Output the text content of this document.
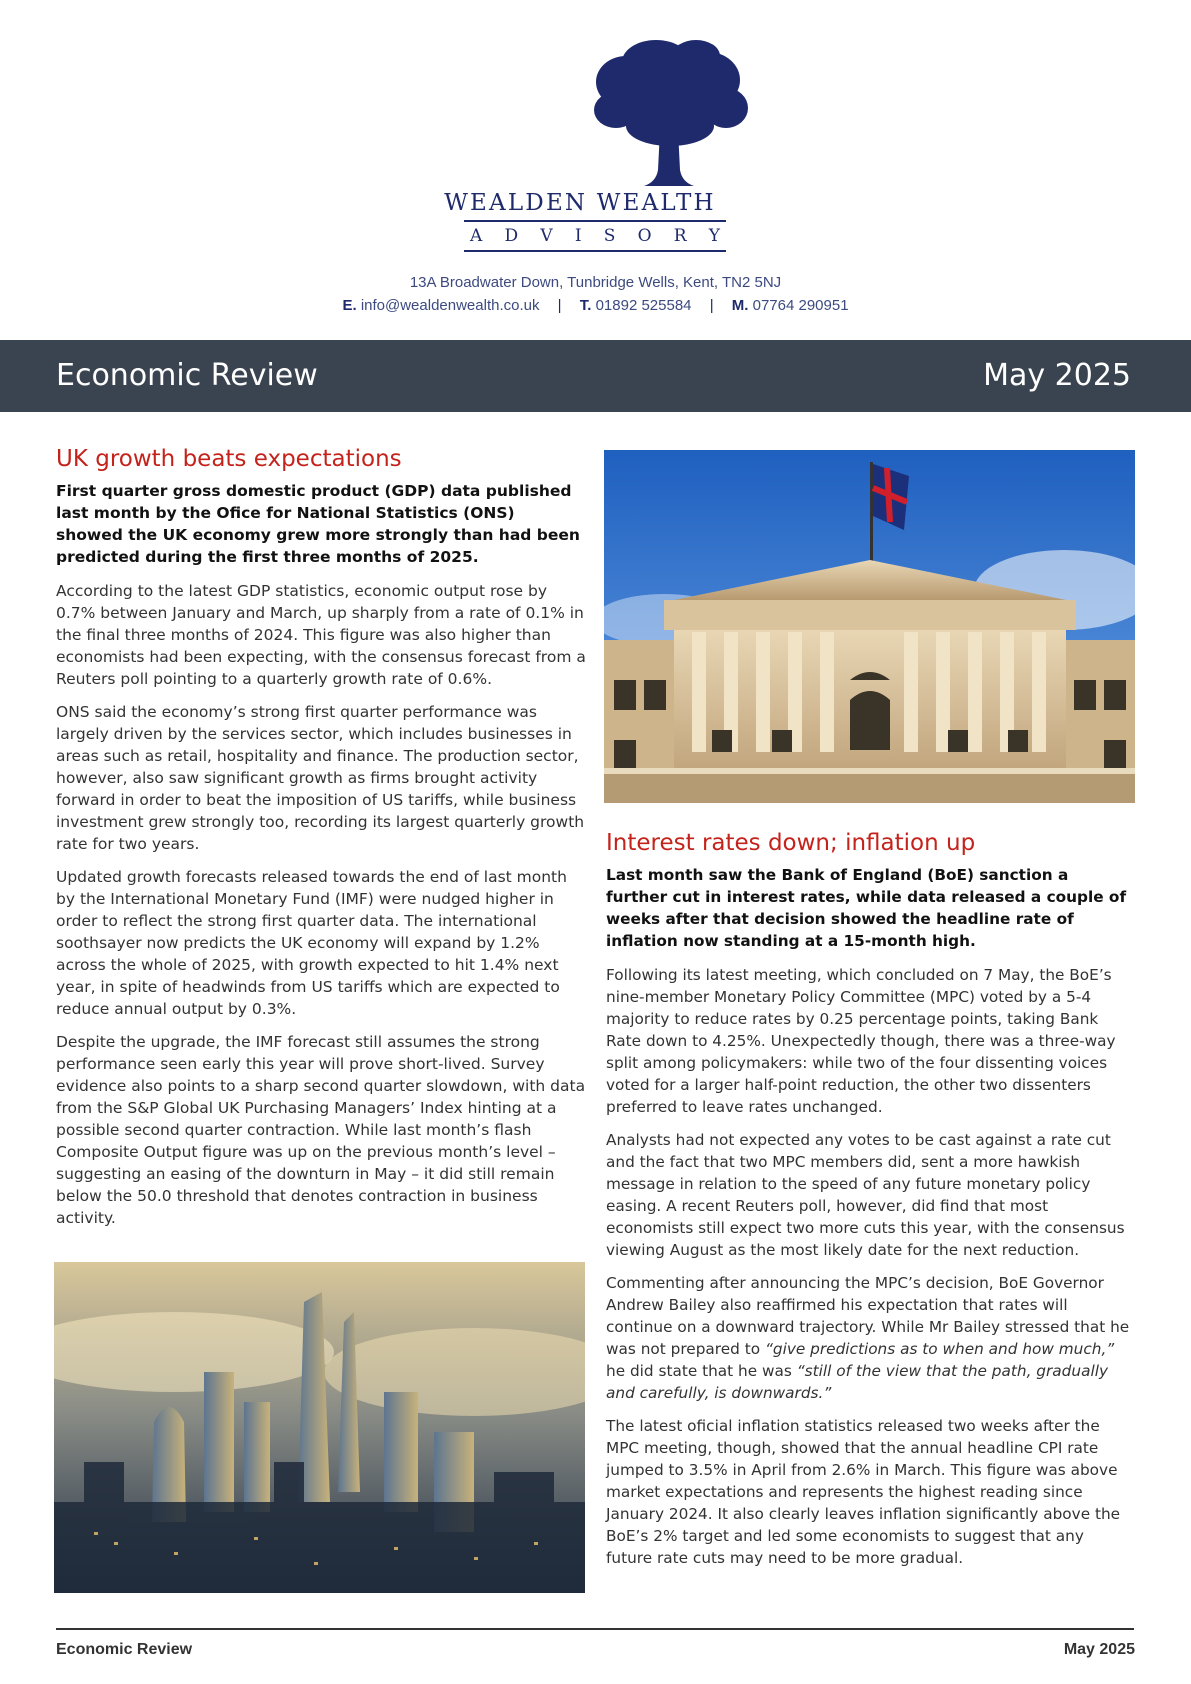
WEALDEN WEALTH
A D V I S O R Y
13A Broadwater Down, Tunbridge Wells, Kent, TN2 5NJ
E. info@wealdenwealth.co.uk | T. 01892 525584 | M. 07764 290951
Economic Review	May 2025
UK growth beats expectations

First quarter gross domestic product (GDP) data published last month by the Ofice for National Statistics (ONS) showed the UK economy grew more strongly than had been predicted during the first three months of 2025.

According to the latest GDP statistics, economic output rose by 0.7% between January and March, up sharply from a rate of 0.1% in the final three months of 2024. This figure was also higher than economists had been expecting, with the consensus forecast from a Reuters poll pointing to a quarterly growth rate of 0.6%.

ONS said the economy’s strong first quarter performance was largely driven by the services sector, which includes businesses in areas such as retail, hospitality and finance. The production sector, however, also saw significant growth as firms brought activity forward in order to beat the imposition of US tariffs, while business investment grew strongly too, recording its largest quarterly growth rate for two years.

Updated growth forecasts released towards the end of last month by the International Monetary Fund (IMF) were nudged higher in order to reflect the strong first quarter data. The international soothsayer now predicts the UK economy will expand by 1.2% across the whole of 2025, with growth expected to hit 1.4% next year, in spite of headwinds from US tariffs which are expected to reduce annual output by 0.3%.

Despite the upgrade, the IMF forecast still assumes the strong performance seen early this year will prove short-lived. Survey evidence also points to a sharp second quarter slowdown, with data from the S&P Global UK Purchasing Managers’ Index hinting at a possible second quarter contraction. While last month’s flash Composite Output figure was up on the previous month’s level – suggesting an easing of the downturn in May – it did still remain below the 50.0 threshold that denotes contraction in business activity.

Interest rates down; inflation up

Last month saw the Bank of England (BoE) sanction a further cut in interest rates, while data released a couple of weeks after that decision showed the headline rate of inflation now standing at a 15-month high.

Following its latest meeting, which concluded on 7 May, the BoE’s nine-member Monetary Policy Committee (MPC) voted by a 5-4 majority to reduce rates by 0.25 percentage points, taking Bank Rate down to 4.25%. Unexpectedly though, there was a three-way split among policymakers: while two of the four dissenting voices voted for a larger half-point reduction, the other two dissenters preferred to leave rates unchanged.

Analysts had not expected any votes to be cast against a rate cut and the fact that two MPC members did, sent a more hawkish message in relation to the speed of any future monetary policy easing. A recent Reuters poll, however, did find that most economists still expect two more cuts this year, with the consensus viewing August as the most likely date for the next reduction.

Commenting after announcing the MPC’s decision, BoE Governor Andrew Bailey also reaffirmed his expectation that rates will continue on a downward trajectory. While Mr Bailey stressed that he was not prepared to “give predictions as to when and how much,” he did state that he was “still of the view that the path, gradually and carefully, is downwards.”

The latest oficial inflation statistics released two weeks after the MPC meeting, though, showed that the annual headline CPI rate jumped to 3.5% in April from 2.6% in March. This figure was above market expectations and represents the highest reading since January 2024. It also clearly leaves inflation significantly above the BoE’s 2% target and led some economists to suggest that any future rate cuts may need to be more gradual.

Economic Review	May 2025
